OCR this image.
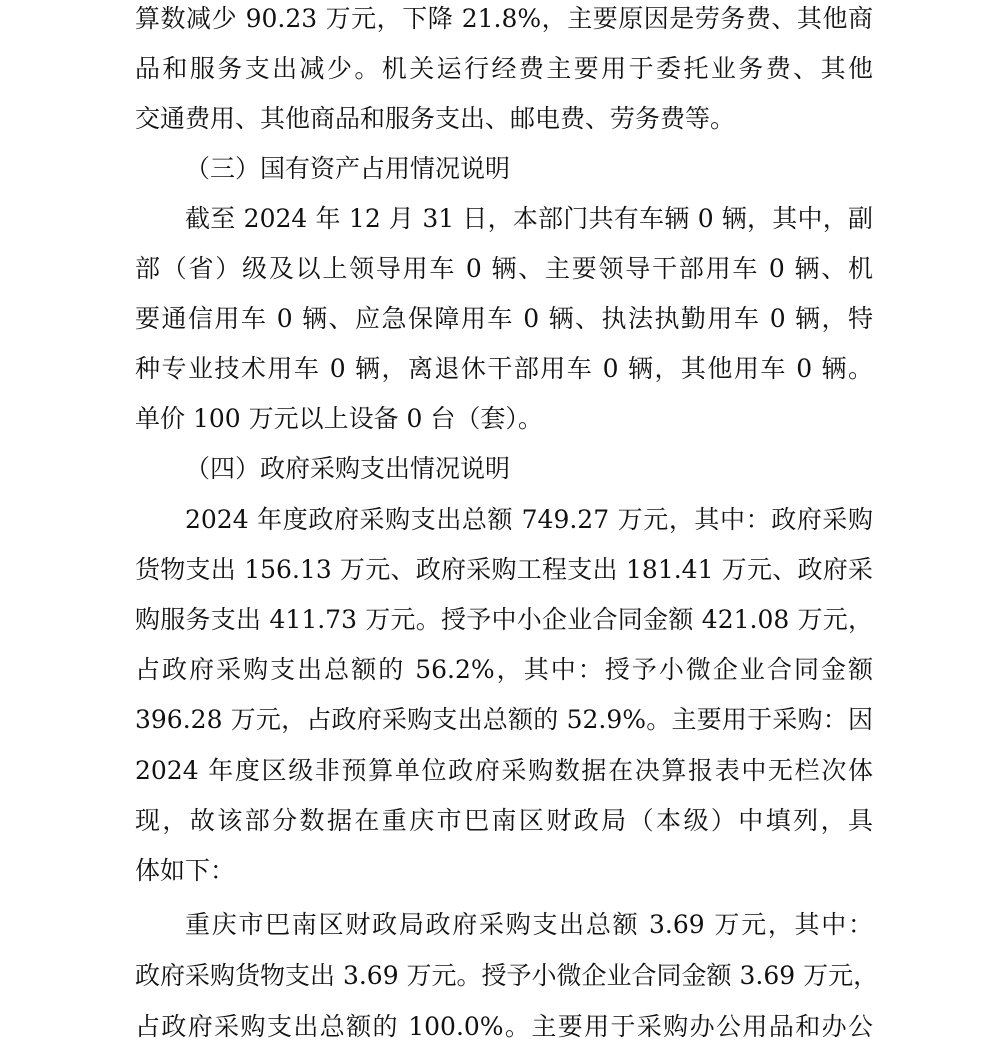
算数减少 90.23 万元，下降 21.8%，主要原因是劳务费、其他商
品和服务支出减少。机关运行经费主要用于委托业务费、其他
交通费用、其他商品和服务支出、邮电费、劳务费等。
（三）国有资产占用情况说明
截至 2024 年 12 月 31 日，本部门共有车辆 0 辆，其中，副
部（省）级及以上领导用车 0 辆、主要领导干部用车 0 辆、机
要通信用车 0 辆、应急保障用车 0 辆、执法执勤用车 0 辆，特
种专业技术用车 0 辆，离退休干部用车 0 辆，其他用车 0 辆。
单价 100 万元以上设备 0 台（套）。
（四）政府采购支出情况说明
2024 年度政府采购支出总额 749.27 万元，其中：政府采购
货物支出 156.13 万元、政府采购工程支出 181.41 万元、政府采
购服务支出 411.73 万元。授予中小企业合同金额 421.08 万元，
占政府采购支出总额的 56.2%，其中：授予小微企业合同金额
396.28 万元，占政府采购支出总额的 52.9%。主要用于采购：因
2024 年度区级非预算单位政府采购数据在决算报表中无栏次体
现，故该部分数据在重庆市巴南区财政局（本级）中填列，具
体如下：
重庆市巴南区财政局政府采购支出总额 3.69 万元，其中：
政府采购货物支出 3.69 万元。授予小微企业合同金额 3.69 万元，
占政府采购支出总额的 100.0%。主要用于采购办公用品和办公
